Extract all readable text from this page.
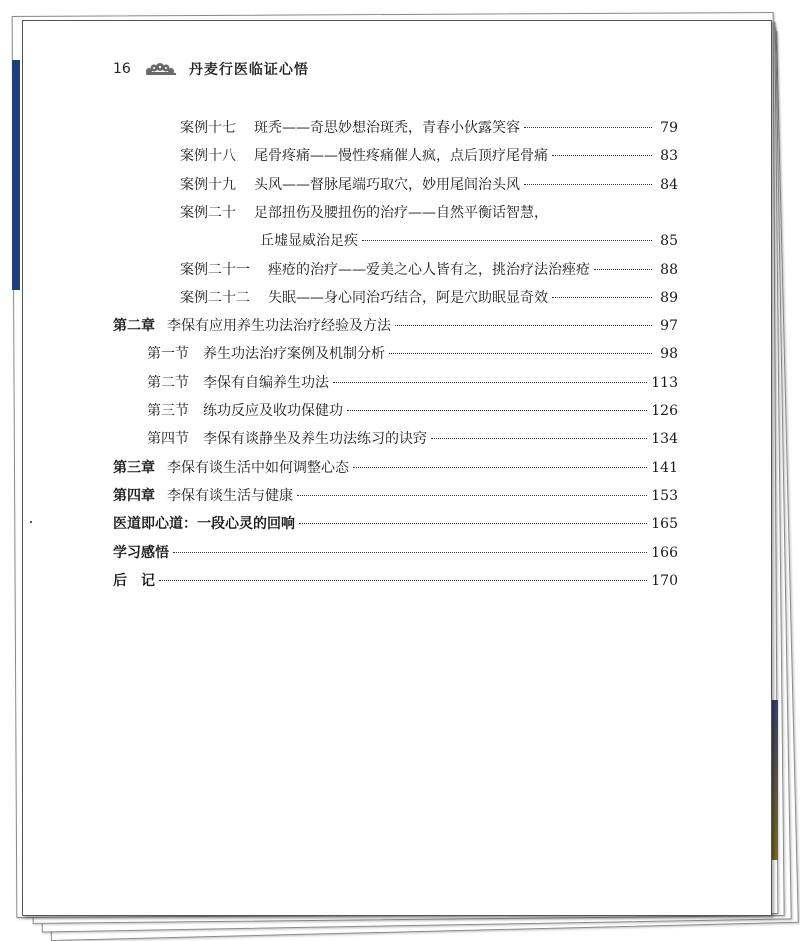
16	丹麦行医临证心悟
案例十七 斑秃——奇思妙想治斑秃，青春小伙露笑容	79
案例十八 尾骨疼痛——慢性疼痛催人疯，点后顶疗尾骨痛	83
案例十九 头风——督脉尾端巧取穴，妙用尾闾治头风	84
案例二十 足部扭伤及腰扭伤的治疗——自然平衡话智慧，
丘墟显威治足疾	85
案例二十一 痤疮的治疗——爱美之心人皆有之，挑治疗法治痤疮	88
案例二十二 失眠——身心同治巧结合，阿是穴助眠显奇效	89
第二章 李保有应用养生功法治疗经验及方法	97
第一节 养生功法治疗案例及机制分析	98
第二节 李保有自编养生功法	113
第三节 练功反应及收功保健功	126
第四节 李保有谈静坐及养生功法练习的诀窍	134
第三章 李保有谈生活中如何调整心态	141
第四章 李保有谈生活与健康	153
医道即心道：一段心灵的回响	165
学习感悟	166
后　记	170
